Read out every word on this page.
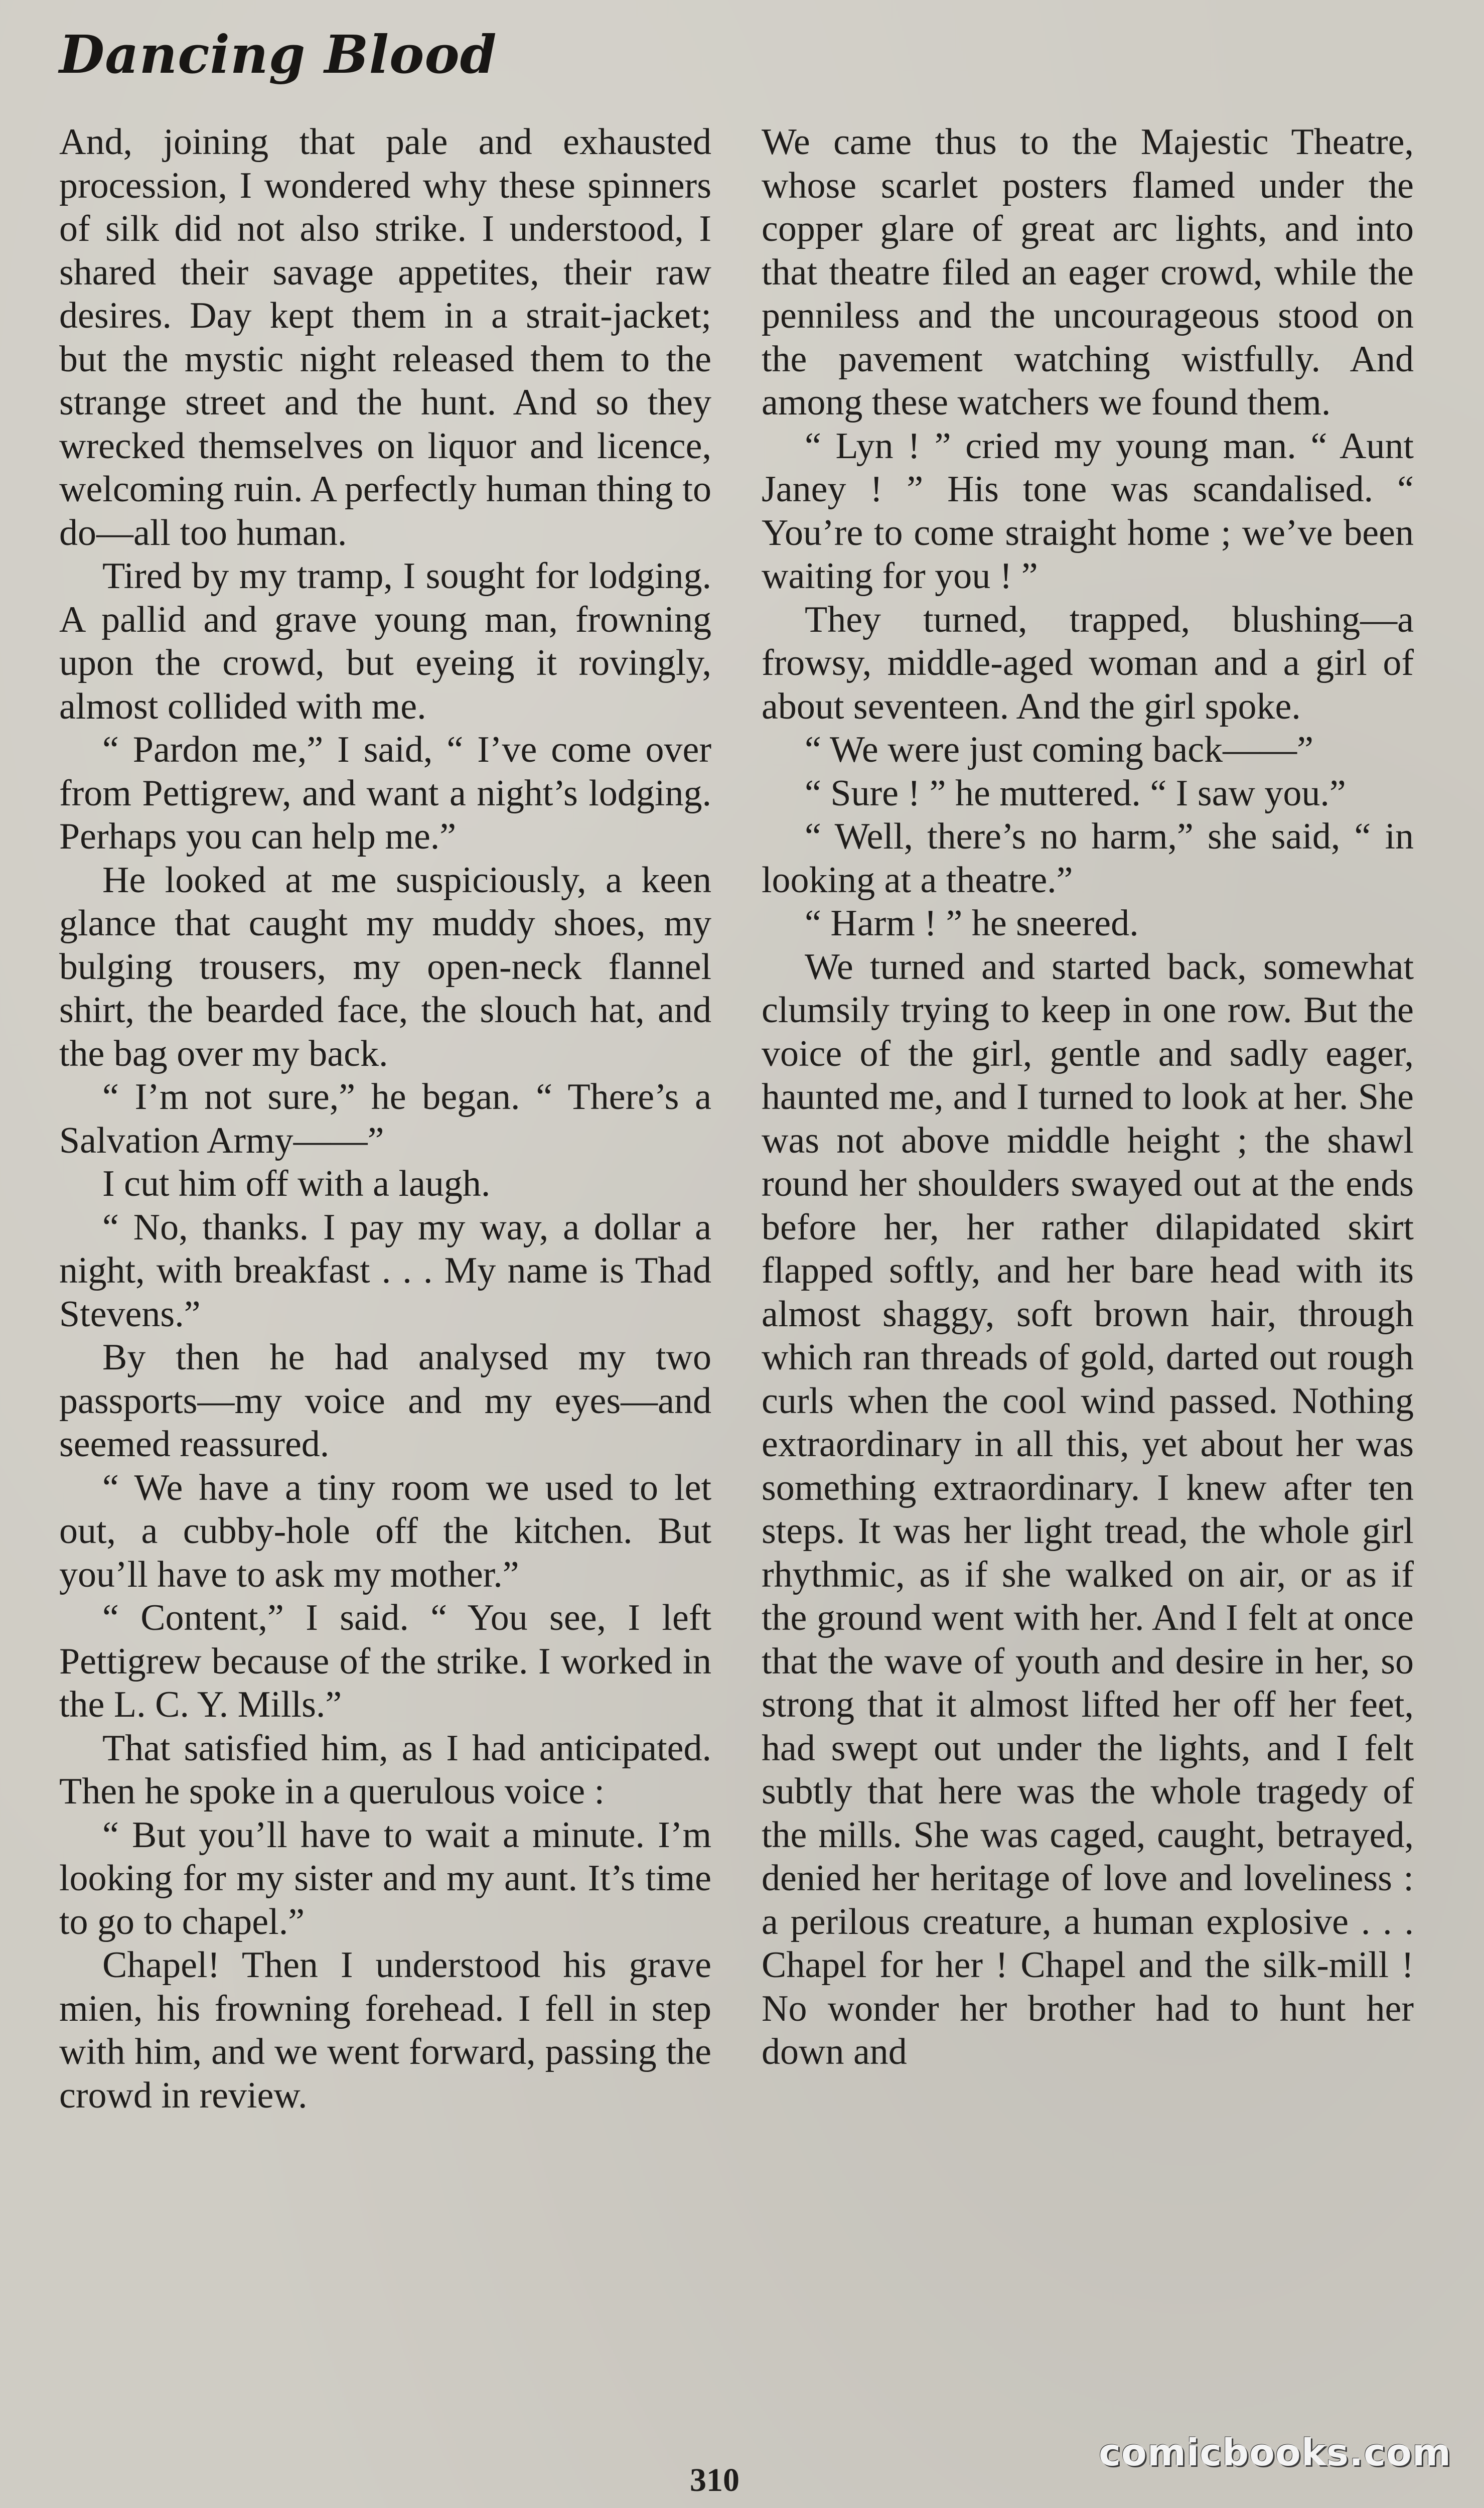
Dancing Blood

And, joining that pale and exhausted procession, I wondered why these spinners of silk did not also strike. I understood, I shared their savage appetites, their raw desires. Day kept them in a strait-jacket; but the mystic night released them to the strange street and the hunt. And so they wrecked themselves on liquor and licence, welcoming ruin. A perfectly human thing to do—all too human.

Tired by my tramp, I sought for lodging. A pallid and grave young man, frowning upon the crowd, but eyeing it rovingly, almost collided with me.

“ Pardon me,” I said, “ I’ve come over from Pettigrew, and want a night’s lodging. Perhaps you can help me.”

He looked at me suspiciously, a keen glance that caught my muddy shoes, my bulging trousers, my open-neck flannel shirt, the bearded face, the slouch hat, and the bag over my back.

“ I’m not sure,” he began. “ There’s a Salvation Army——”

I cut him off with a laugh.

“ No, thanks. I pay my way, a dollar a night, with breakfast . . . My name is Thad Stevens.”

By then he had analysed my two passports—my voice and my eyes—and seemed reassured.

“ We have a tiny room we used to let out, a cubby-hole off the kitchen. But you’ll have to ask my mother.”

“ Content,” I said. “ You see, I left Pettigrew because of the strike. I worked in the L. C. Y. Mills.”

That satisfied him, as I had anticipated. Then he spoke in a querulous voice :

“ But you’ll have to wait a minute. I’m looking for my sister and my aunt. It’s time to go to chapel.”

Chapel! Then I understood his grave mien, his frowning forehead. I fell in step with him, and we went forward, passing the crowd in review.

We came thus to the Majestic Theatre, whose scarlet posters flamed under the copper glare of great arc lights, and into that theatre filed an eager crowd, while the penniless and the uncourageous stood on the pavement watching wistfully. And among these watchers we found them.

“ Lyn ! ” cried my young man. “ Aunt Janey ! ” His tone was scandalised. “ You’re to come straight home ; we’ve been waiting for you ! ”

They turned, trapped, blushing—a frowsy, middle-aged woman and a girl of about seventeen. And the girl spoke.

“ We were just coming back——”

“ Sure ! ” he muttered. “ I saw you.”

“ Well, there’s no harm,” she said, “ in looking at a theatre.”

“ Harm ! ” he sneered.

We turned and started back, somewhat clumsily trying to keep in one row. But the voice of the girl, gentle and sadly eager, haunted me, and I turned to look at her. She was not above middle height ; the shawl round her shoulders swayed out at the ends before her, her rather dilapidated skirt flapped softly, and her bare head with its almost shaggy, soft brown hair, through which ran threads of gold, darted out rough curls when the cool wind passed. Nothing extraordinary in all this, yet about her was something extraordinary. I knew after ten steps. It was her light tread, the whole girl rhythmic, as if she walked on air, or as if the ground went with her. And I felt at once that the wave of youth and desire in her, so strong that it almost lifted her off her feet, had swept out under the lights, and I felt subtly that here was the whole tragedy of the mills. She was caged, caught, betrayed, denied her heritage of love and loveliness : a perilous creature, a human explosive . . . Chapel for her ! Chapel and the silk-mill ! No wonder her brother had to hunt her down and

310
comicbooks.com
